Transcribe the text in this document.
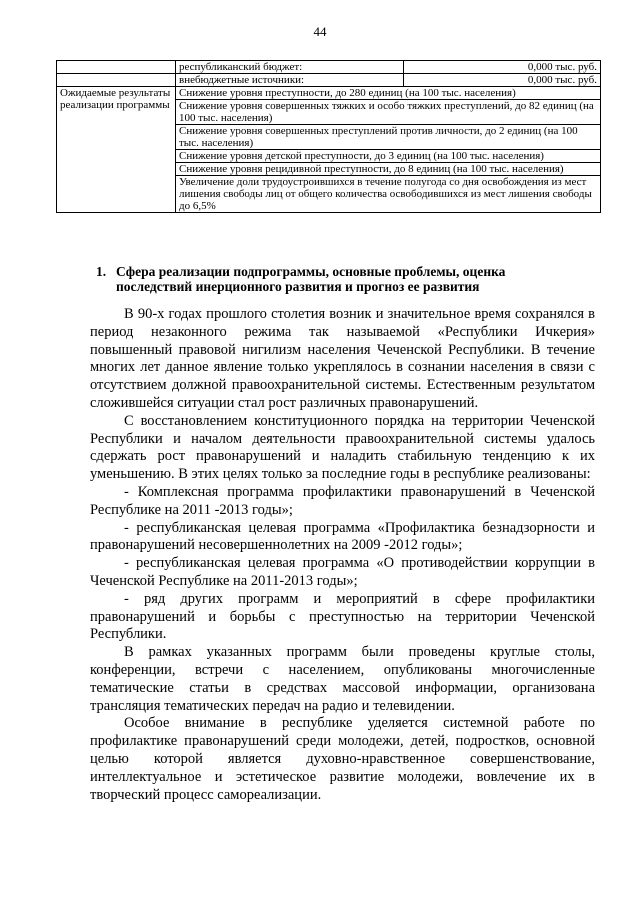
44
	республиканский бюджет:	0,000 тыс. руб.
	внебюджетные источники:	0,000 тыс. руб.
Ожидаемые результаты реализации программы	Снижение уровня преступности, до 280 единиц (на 100 тыс. населения)	
	Снижение уровня совершенных тяжких и особо тяжких преступлений, до 82 единиц (на 100 тыс. населения)	
	Снижение уровня совершенных преступлений против личности, до 2 единиц (на 100 тыс. населения)	
	Снижение уровня детской преступности, до 3 единиц (на 100 тыс. населения)	
	Снижение уровня рецидивной преступности, до 8 единиц (на 100 тыс. населения)	
	Увеличение доли трудоустроившихся в течение полугода со дня освобождения из мест лишения свободы лиц от общего количества освободившихся из мест лишения свободы до 6,5%	
1. Сфера реализации подпрограммы, основные проблемы, оценка
последствий инерционного развития и прогноз ее развития

В 90-х годах прошлого столетия возник и значительное время сохранялся в период незаконного режима так называемой «Республики Ичкерия» повышенный правовой нигилизм населения Чеченской Республики. В течение многих лет данное явление только укреплялось в сознании населения в связи с отсутствием должной правоохранительной системы. Естественным результатом сложившейся ситуации стал рост различных правонарушений.

С восстановлением конституционного порядка на территории Чеченской Республики и началом деятельности правоохранительной системы удалось сдержать рост правонарушений и наладить стабильную тенденцию к их уменьшению. В этих целях только за последние годы в республике реализованы:

- Комплексная программа профилактики правонарушений в Чеченской Республике на 2011 -2013 годы»;

- республиканская целевая программа «Профилактика безнадзорности и правонарушений несовершеннолетних на 2009 -2012 годы»;

- республиканская целевая программа «О противодействии коррупции в Чеченской Республике на 2011-2013 годы»;

- ряд других программ и мероприятий в сфере профилактики правонарушений и борьбы с преступностью на территории Чеченской Республики.

В рамках указанных программ были проведены круглые столы, конференции, встречи с населением, опубликованы многочисленные тематические статьи в средствах массовой информации, организована трансляция тематических передач на радио и телевидении.

Особое внимание в республике уделяется системной работе по профилактике правонарушений среди молодежи, детей, подростков, основной целью которой является духовно-нравственное совершенствование, интеллектуальное и эстетическое развитие молодежи, вовлечение их в творческий процесс самореализации.
